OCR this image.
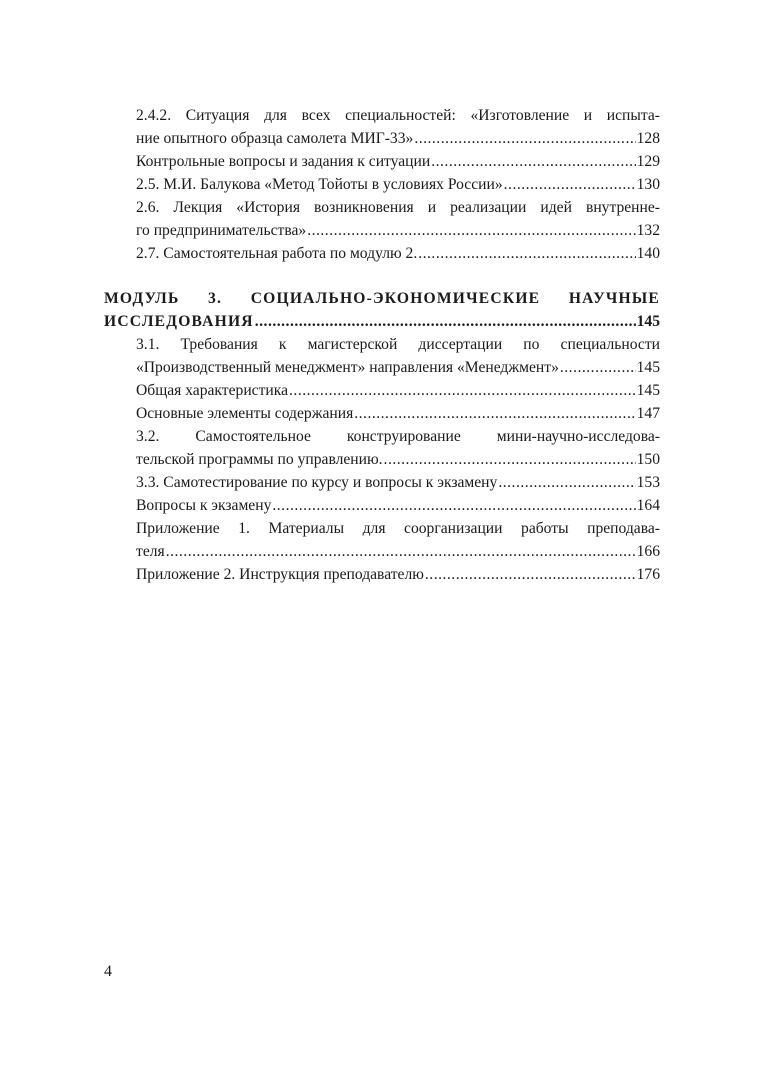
2.4.2. Ситуация для всех специальностей: «Изготовление и испыта-
ние опытного образца самолета МИГ-33» .....	128
Контрольные вопросы и задания к ситуации .....	129
2.5. М.И. Балукова «Метод Тойоты в условиях России» .....	130
2.6. Лекция «История возникновения и реализации идей внутренне-
го предпринимательства» .....	132
2.7. Самостоятельная работа по модулю 2. .....	140
МОДУЛЬ 3. СОЦИАЛЬНО-ЭКОНОМИЧЕСКИЕ НАУЧНЫЕ
ИССЛЕДОВАНИЯ .....	145
3.1. Требования к магистерской диссертации по специальности
«Производственный менеджмент» направления «Менеджмент» .....	145
Общая характеристика .....	145
Основные элементы содержания .....	147
3.2. Самостоятельное конструирование мини-научно-исследова-
тельской программы по управлению. .....	150
3.3. Самотестирование по курсу и вопросы к экзамену .....	153
Вопросы к экзамену .....	164
Приложение 1. Материалы для соорганизации работы преподава-
теля .....	166
Приложение 2. Инструкция преподавателю .....	176
4
